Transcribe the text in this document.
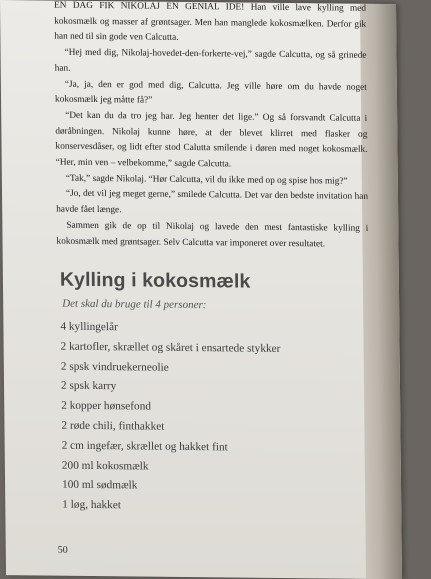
EN DAG FIK NIKOLAJ EN GENIAL IDE! Han ville lave kylling med kokosmælk og masser af grøntsager. Men han manglede kokosmælken. Derfor gik han ned til sin gode ven Calcutta.

“Hej med dig, Nikolaj-hovedet-den-forkerte-vej,” sagde Calcutta, og så grinede han.

“Ja, ja, den er god med dig, Calcutta. Jeg ville høre om du havde noget kokosmælk jeg måtte få?”

“Det kan du da tro jeg har. Jeg henter det lige.” Og så forsvandt Calcutta i døråbningen. Nikolaj kunne høre, at der blevet klirret med flasker og konservesdåser, og lidt efter stod Calutta smilende i døren med noget kokosmælk. “Her, min ven – velbekomme,” sagde Calcutta.

“Tak,” sagde Nikolaj. “Hør Calcutta, vil du ikke med op og spise hos mig?”

“Jo, det vil jeg meget gerne,” smilede Calcutta. Det var den bedste invitation han havde fået længe.

Sammen gik de op til Nikolaj og lavede den mest fantastiske kylling i kokosmælk med grøntsager. Selv Calcutta var imponeret over resultatet.

Kylling i kokosmælk
Det skal du bruge til 4 personer:
4 kyllingelår
2 kartofler, skrællet og skåret i ensartede stykker
2 spsk vindruekerneolie
2 spsk karry
2 kopper hønsefond
2 røde chili, finthakket
2 cm ingefær, skrællet og hakket fint
200 ml kokosmælk
100 ml sødmælk
1 løg, hakket
50
